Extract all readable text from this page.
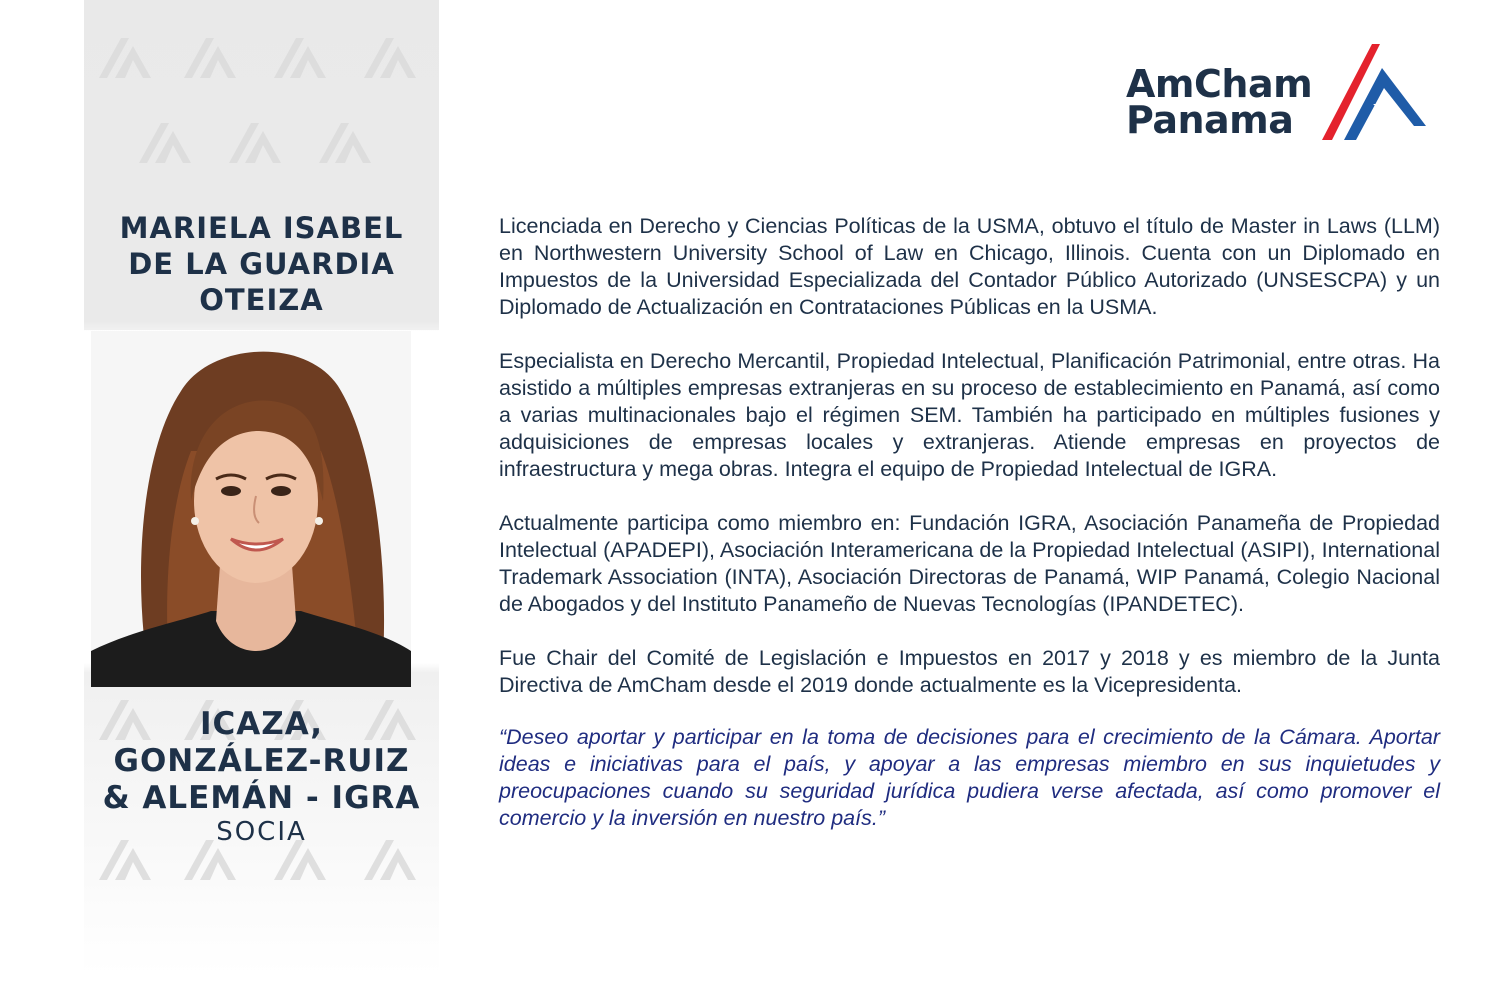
MARIELA ISABEL
DE LA GUARDIA
OTEIZA
ICAZA,
GONZÁLEZ-RUIZ
& ALEMÁN - IGRA
SOCIA
AmCham
Panama

Licenciada en Derecho y Ciencias Políticas de la USMA, obtuvo el título de Master in Laws (LLM) en Northwestern University School of Law en Chicago, Illinois. Cuenta con un Diplomado en Impuestos de la Universidad Especializada del Contador Público Autorizado (UNSESCPA) y un Diplomado de Actualización en Contrataciones Públicas en la USMA.

Especialista en Derecho Mercantil, Propiedad Intelectual, Planificación Patrimonial, entre otras. Ha asistido a múltiples empresas extranjeras en su proceso de establecimiento en Panamá, así como a varias multinacionales bajo el régimen SEM. También ha participado en múltiples fusiones y adquisiciones de empresas locales y extranjeras. Atiende empresas en proyectos de infraestructura y mega obras. Integra el equipo de Propiedad Intelectual de IGRA.

Actualmente participa como miembro en: Fundación IGRA, Asociación Panameña de Propiedad Intelectual (APADEPI), Asociación Interamericana de la Propiedad Intelectual (ASIPI), International Trademark Association (INTA), Asociación Directoras de Panamá, WIP Panamá, Colegio Nacional de Abogados y del Instituto Panameño de Nuevas Tecnologías (IPANDETEC).

Fue Chair del Comité de Legislación e Impuestos en 2017 y 2018 y es miembro de la Junta Directiva de AmCham desde el 2019 donde actualmente es la Vicepresidenta.

“Deseo aportar y participar en la toma de decisiones para el crecimiento de la Cámara. Aportar ideas e iniciativas para el país, y apoyar a las empresas miembro en sus inquietudes y preocupaciones cuando su seguridad jurídica pudiera verse afectada, así como promover el comercio y la inversión en nuestro país.”
